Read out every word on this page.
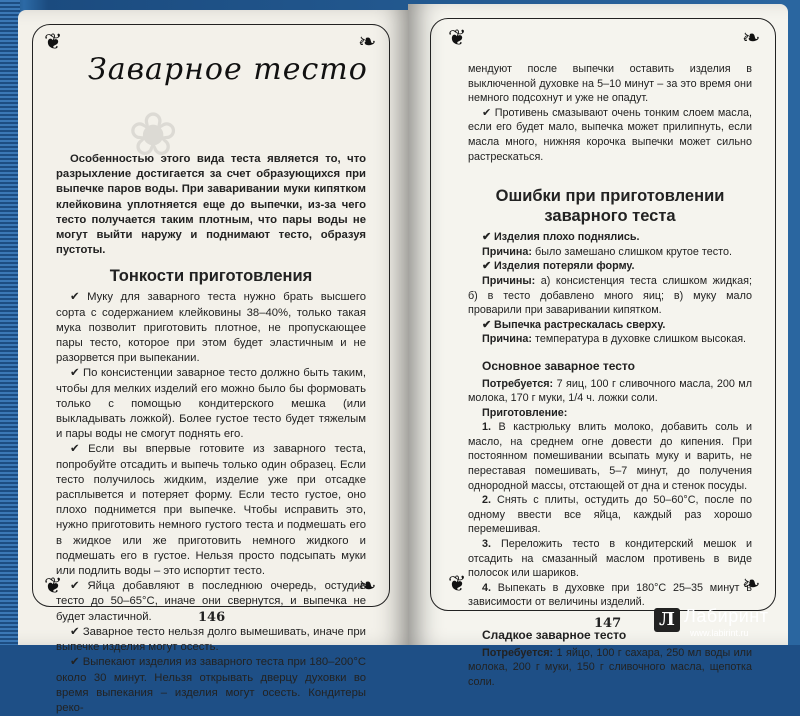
❦	❧
❦	❧
❀
Заварное тесто

Особенностью этого вида теста является то, что разрыхление достигается за счет образующихся при выпечке паров воды. При заваривании муки кипятком клейковина уплотняется еще до выпечки, из-за чего тесто получается таким плотным, что пары воды не могут выйти наружу и поднимают тесто, образуя пустоты.

Тонкости приготовления

✔ Муку для заварного теста нужно брать высшего сорта с содержанием клейковины 38–40%, только такая мука позволит приготовить плотное, не пропускающее пары тесто, которое при этом будет эластичным и не разорвется при выпекании.

✔ По консистенции заварное тесто должно быть таким, чтобы для мелких изделий его можно было бы формовать только с помощью кондитерского мешка (или выкладывать ложкой). Более густое тесто будет тяжелым и пары воды не смогут поднять его.

✔ Если вы впервые готовите из заварного теста, попробуйте отсадить и выпечь только один образец. Если тесто получилось жидким, изделие уже при отсадке расплывется и потеряет форму. Если тесто густое, оно плохо поднимется при выпечке. Чтобы исправить это, нужно приготовить немного густого теста и подмешать его в жидкое или же приготовить немного жидкого и подмешать его в густое. Нельзя просто подсыпать муки или подлить воды – это испортит тесто.

✔ Яйца добавляют в последнюю очередь, остудив тесто до 50–65°C, иначе они свернутся, и выпечка не будет эластичной.

✔ Заварное тесто нельзя долго вымешивать, иначе при выпечке изделия могут осесть.

✔ Выпекают изделия из заварного теста при 180–200°C около 30 минут. Нельзя открывать дверцу духовки во время выпекания – изделия могут осесть. Кондитеры реко-

146
❦	❧
❦	❧

мендуют после выпечки оставить изделия в выключенной духовке на 5–10 минут – за это время они немного подсохнут и уже не опадут.

✔ Противень смазывают очень тонким слоем масла, если его будет мало, выпечка может прилипнуть, если масла много, нижняя корочка выпечки может сильно растрескаться.

Ошибки при приготовлении заварного теста

✔ Изделия плохо поднялись.

Причина: было замешано слишком крутое тесто.

✔ Изделия потеряли форму.

Причины: а) консистенция теста слишком жидкая; б) в тесто добавлено много яиц; в) муку мало проварили при заваривании кипятком.

✔ Выпечка растрескалась сверху.

Причина: температура в духовке слишком высокая.

Основное заварное тесто

Потребуется: 7 яиц, 100 г сливочного масла, 200 мл молока, 170 г муки, 1/4 ч. ложки соли.

Приготовление:

1. В кастрюльку влить молоко, добавить соль и масло, на среднем огне довести до кипения. При постоянном помешивании всыпать муку и варить, не переставая помешивать, 5–7 минут, до получения однородной массы, отстающей от дна и стенок посуды.

2. Снять с плиты, остудить до 50–60°C, после по одному ввести все яйца, каждый раз хорошо перемешивая.

3. Переложить тесто в кондитерский мешок и отсадить на смазанный маслом противень в виде полосок или шариков.

4. Выпекать в духовке при 180°C 25–35 минут в зависимости от величины изделий.

Сладкое заварное тесто

Потребуется: 1 яйцо, 100 г сахара, 250 мл воды или молока, 200 г муки, 150 г сливочного масла, щепотка соли.

147 Л Лабиринт
www.labirint.ru
